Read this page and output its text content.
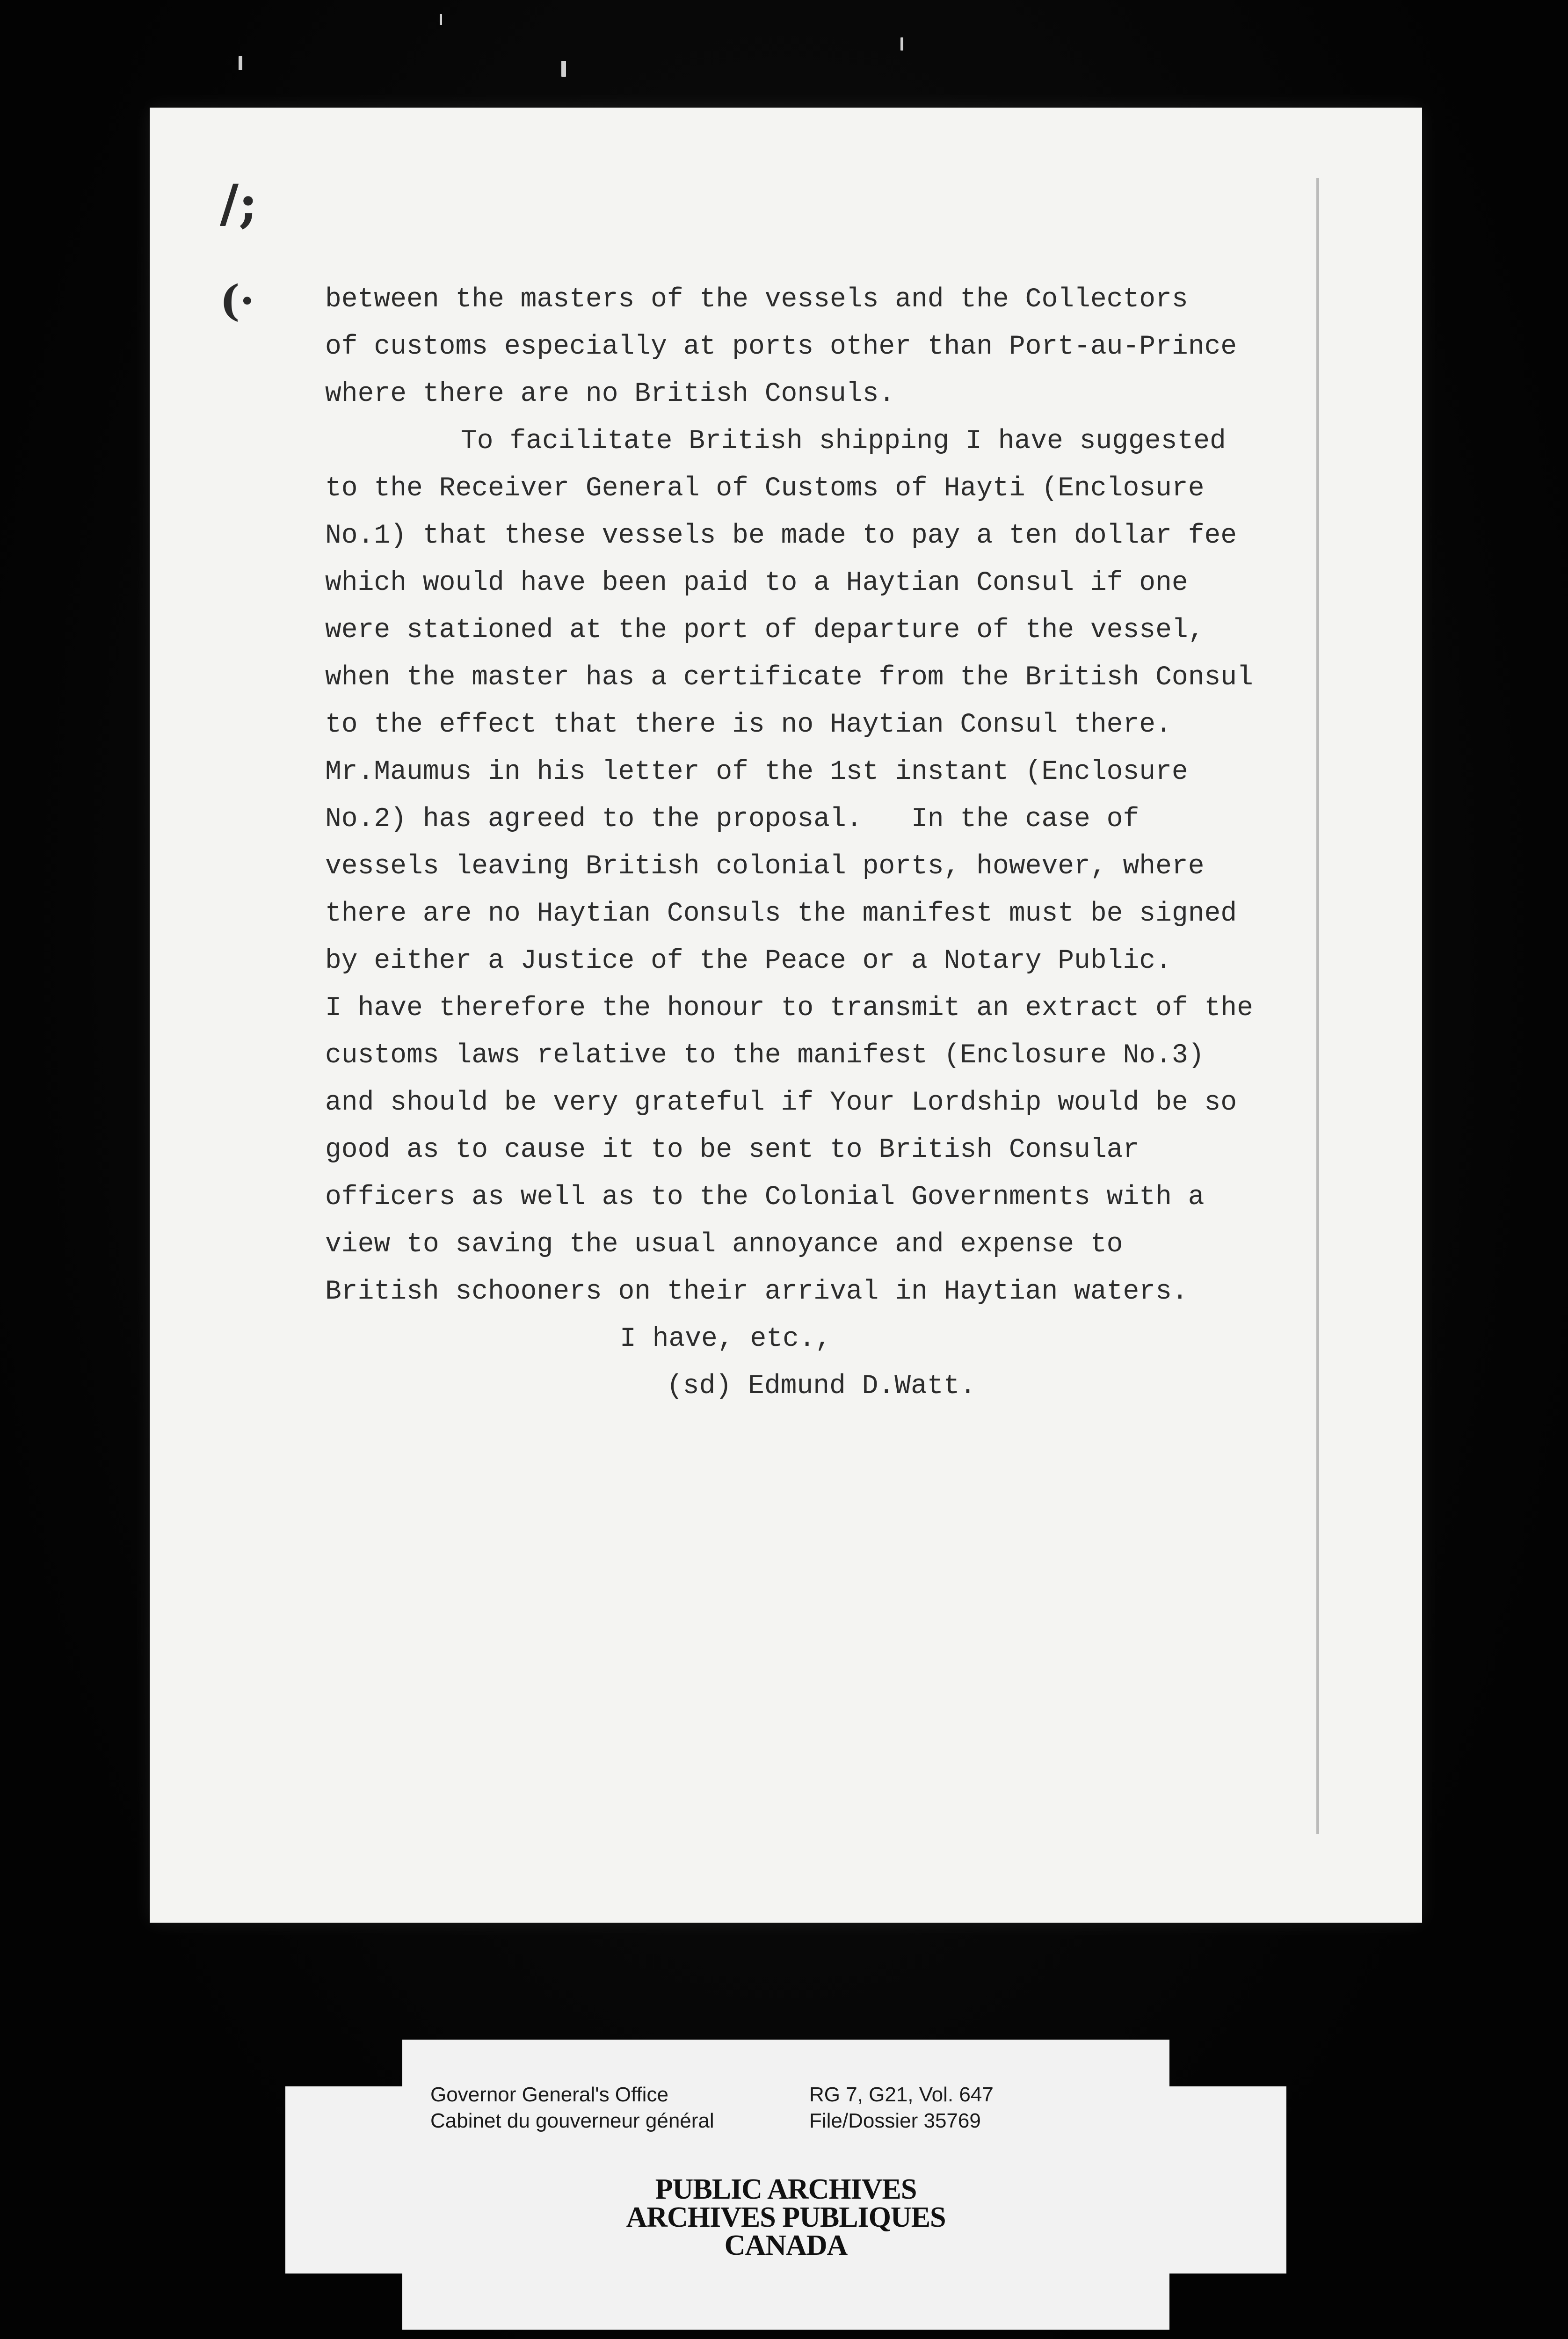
/;
(·	between the masters of the vessels and the Collectors
of customs especially at ports other than Port-au-Prince
where there are no British Consuls.
To facilitate British shipping I have suggested
to the Receiver General of Customs of Hayti (Enclosure
No.1) that these vessels be made to pay a ten dollar fee
which would have been paid to a Haytian Consul if one
were stationed at the port of departure of the vessel,
when the master has a certificate from the British Consul
to the effect that there is no Haytian Consul there.
Mr.Maumus in his letter of the 1st instant (Enclosure
No.2) has agreed to the proposal.   In the case of
vessels leaving British colonial ports, however, where
there are no Haytian Consuls the manifest must be signed
by either a Justice of the Peace or a Notary Public.
I have therefore the honour to transmit an extract of the
customs laws relative to the manifest (Enclosure No.3)
and should be very grateful if Your Lordship would be so
good as to cause it to be sent to British Consular
officers as well as to the Colonial Governments with a
view to saving the usual annoyance and expense to
British schooners on their arrival in Haytian waters.
I have, etc.,
(sd) Edmund D.Watt.
Governor General's Office
Cabinet du gouverneur général
RG 7, G21, Vol. 647
File/Dossier 35769
PUBLIC ARCHIVES
ARCHIVES PUBLIQUES
CANADA
